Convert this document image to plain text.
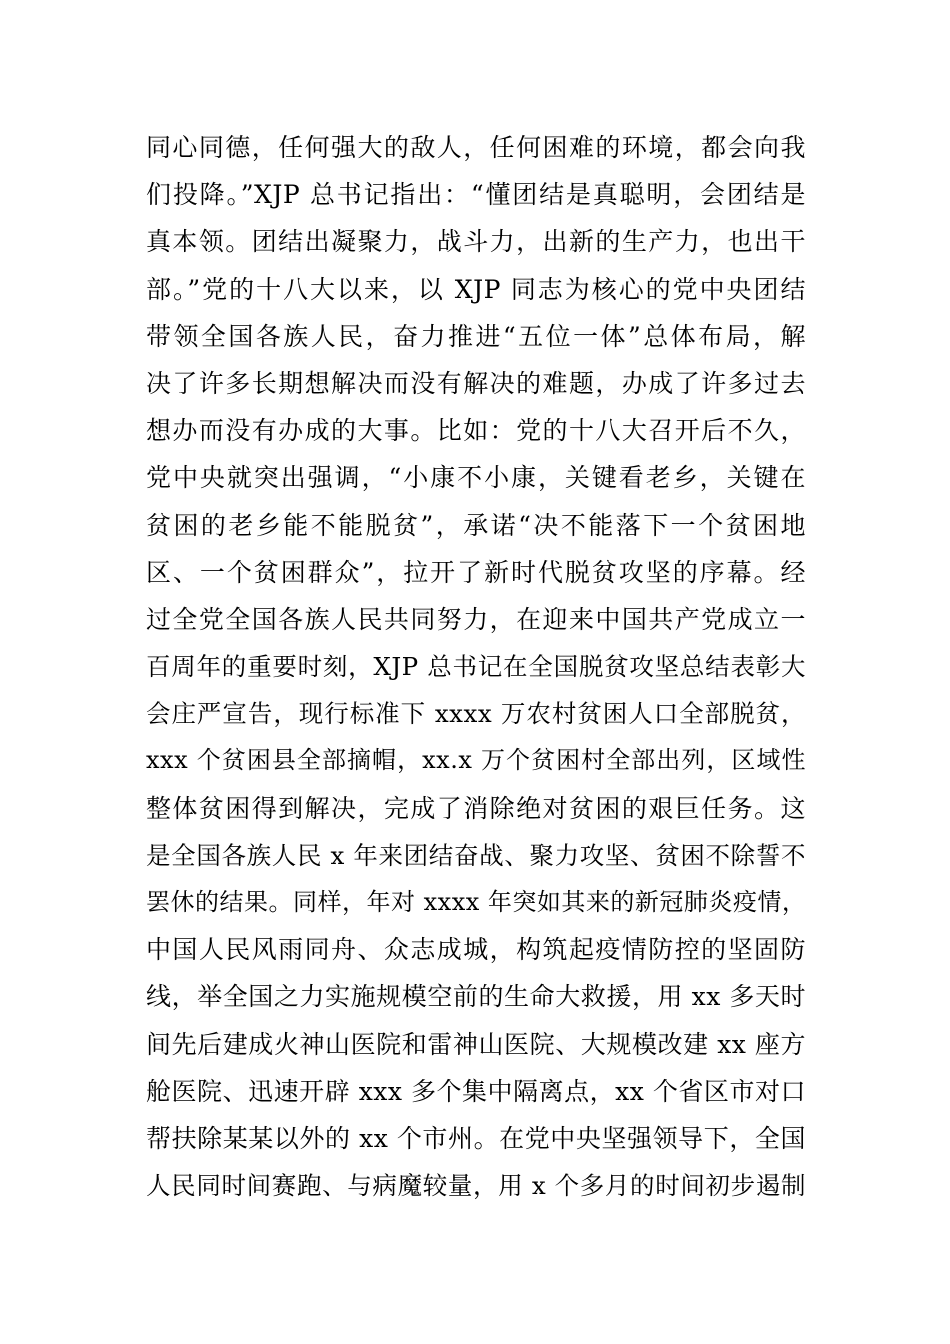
同心同德，任何强大的敌人，任何困难的环境，都会向我
们投降。”XJP 总书记指出：“懂团结是真聪明，会团结是
真本领。团结出凝聚力，战斗力，出新的生产力，也出干
部。”党的十八大以来，以 XJP 同志为核心的党中央团结
带领全国各族人民，奋力推进“五位一体”总体布局，解
决了许多长期想解决而没有解决的难题，办成了许多过去
想办而没有办成的大事。比如：党的十八大召开后不久，
党中央就突出强调，“小康不小康，关键看老乡，关键在
贫困的老乡能不能脱贫”，承诺“决不能落下一个贫困地
区、一个贫困群众”，拉开了新时代脱贫攻坚的序幕。经
过全党全国各族人民共同努力，在迎来中国共产党成立一
百周年的重要时刻，XJP 总书记在全国脱贫攻坚总结表彰大
会庄严宣告，现行标准下 xxxx 万农村贫困人口全部脱贫，
xxx 个贫困县全部摘帽，xx.x 万个贫困村全部出列，区域性
整体贫困得到解决，完成了消除绝对贫困的艰巨任务。这
是全国各族人民 x 年来团结奋战、聚力攻坚、贫困不除誓不
罢休的结果。同样，年对 xxxx 年突如其来的新冠肺炎疫情，
中国人民风雨同舟、众志成城，构筑起疫情防控的坚固防
线，举全国之力实施规模空前的生命大救援，用 xx 多天时
间先后建成火神山医院和雷神山医院、大规模改建 xx 座方
舱医院、迅速开辟 xxx 多个集中隔离点，xx 个省区市对口
帮扶除某某以外的 xx 个市州。在党中央坚强领导下，全国
人民同时间赛跑、与病魔较量，用 x 个多月的时间初步遏制
